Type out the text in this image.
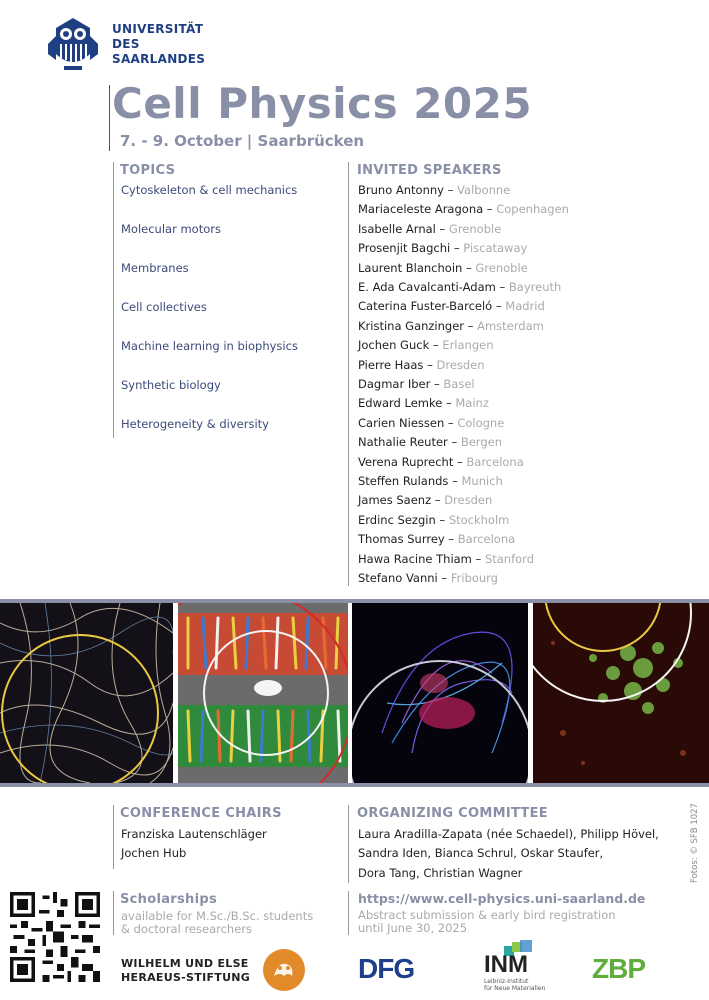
UNIVERSITÄT
DES
SAARLANDES
Cell Physics 2025
7. - 9. October | Saarbrücken
TOPICS
Cytoskeleton & cell mechanics
Molecular motors
Membranes
Cell collectives
Machine learning in biophysics
Synthetic biology
Heterogeneity & diversity
INVITED SPEAKERS
Bruno Antonny – Valbonne
Mariaceleste Aragona – Copenhagen
Isabelle Arnal – Grenoble
Prosenjit Bagchi – Piscataway
Laurent Blanchoin – Grenoble
E. Ada Cavalcanti-Adam – Bayreuth
Caterina Fuster-Barceló – Madrid
Kristina Ganzinger – Amsterdam
Jochen Guck – Erlangen
Pierre Haas – Dresden
Dagmar Iber – Basel
Edward Lemke – Mainz
Carien Niessen – Cologne
Nathalie Reuter – Bergen
Verena Ruprecht – Barcelona
Steffen Rulands – Munich
James Saenz – Dresden
Erdinc Sezgin – Stockholm
Thomas Surrey – Barcelona
Hawa Racine Thiam – Stanford
Stefano Vanni – Fribourg
CONFERENCE CHAIRS
Franziska Lautenschläger
Jochen Hub
ORGANIZING COMMITTEE
Laura Aradilla-Zapata (née Schaedel), Philipp Hövel,
Sandra Iden, Bianca Schrul, Oskar Staufer,
Dora Tang, Christian Wagner	Fotos: © SFB 1027
Scholarships
available for M.Sc./B.Sc. students
& doctoral researchers
https://www.cell-physics.uni-saarland.de
Abstract submission & early bird registration
until June 30, 2025
WILHELM UND ELSE
HERAEUS-STIFTUNG	DFG	INM
Leibniz-Institut
für Neue Materialien
ZBP
